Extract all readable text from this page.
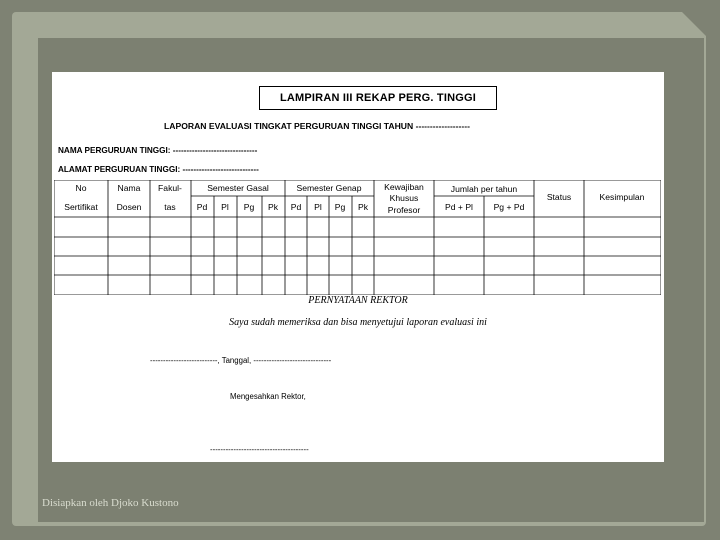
LAMPIRAN III REKAP PERG. TINGGI
LAPORAN EVALUASI TINGKAT PERGURUAN TINGGI TAHUN -------------------
NAMA PERGURUAN TINGGI: -------------------------------
ALAMAT PERGURUAN TINGGI: ----------------------------
No
Sertifikat
Nama
Dosen
Fakul-
tas
Semester Gasal	Semester Genap
Pd Pl Pg Pk Pd Pl Pg Pk
Kewajiban
Khusus
Profesor
Jumlah per tahun
Pd + Pl Pg + Pd
Status	Kesimpulan
PERNYATAAN REKTOR
Saya sudah memeriksa dan bisa menyetujui laporan evaluasi ini
--------------------------, Tanggal, ------------------------------
Mengesahkan Rektor,
--------------------------------------
Disiapkan oleh Djoko Kustono
